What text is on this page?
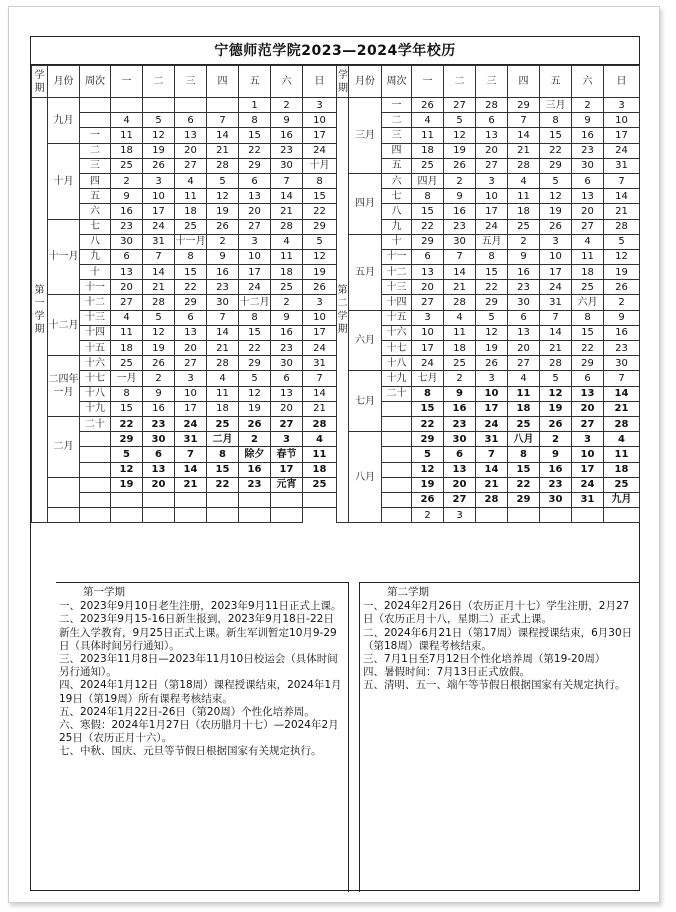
宁德师范学院2023—2024学年校历
学期	月份	周次	一	二	三	四	五	六	日
第一学期	九月						1	2	3
			4	5	6	7	8	9	10
		一	11	12	13	14	15	16	17
	十月	二	18	19	20	21	22	23	24
		三	25	26	27	28	29	30	十月
		四	2	3	4	5	6	7	8
		五	9	10	11	12	13	14	15
		六	16	17	18	19	20	21	22
	十一月	七	23	24	25	26	27	28	29
		八	30	31	十一月	2	3	4	5
		九	6	7	8	9	10	11	12
		十	13	14	15	16	17	18	19
		十一	20	21	22	23	24	25	26
	十二月	十二	27	28	29	30	十二月	2	3
		十三	4	5	6	7	8	9	10
		十四	11	12	13	14	15	16	17
		十五	18	19	20	21	22	23	24
	二四年一月	十六	25	26	27	28	29	30	31
		十七	一月	2	3	4	5	6	7
		十八	8	9	10	11	12	13	14
		十九	15	16	17	18	19	20	21
	二月	二十	22	23	24	25	26	27	28
			29	30	31	二月	2	3	4
			5	6	7	8	除夕	春节	11
			12	13	14	15	16	17	18
			19	20	21	22	23	元宵	25

学期	月份	周次	一	二	三	四	五	六	日
第二学期	三月	一	26	27	28	29	三月	2	3
		二	4	5	6	7	8	9	10
		三	11	12	13	14	15	16	17
		四	18	19	20	21	22	23	24
		五	25	26	27	28	29	30	31
	四月	六	四月	2	3	4	5	6	7
		七	8	9	10	11	12	13	14
		八	15	16	17	18	19	20	21
		九	22	23	24	25	26	27	28
	五月	十	29	30	五月	2	3	4	5
		十一	6	7	8	9	10	11	12
		十二	13	14	15	16	17	18	19
		十三	20	21	22	23	24	25	26
		十四	27	28	29	30	31	六月	2
	六月	十五	3	4	5	6	7	8	9
		十六	10	11	12	13	14	15	16
		十七	17	18	19	20	21	22	23
		十八	24	25	26	27	28	29	30
	七月	十九	七月	2	3	4	5	6	7
		二十	8	9	10	11	12	13	14
			15	16	17	18	19	20	21
			22	23	24	25	26	27	28
	八月		29	30	31	八月	2	3	4
			5	6	7	8	9	10	11
			12	13	14	15	16	17	18
			19	20	21	22	23	24	25
			26	27	28	29	30	31	九月
			2	3					
第一学期

一、2023年9月10日老生注册，2023年9月11日正式上课。

二、2023年9月15-16日新生报到，2023年9月18日-22日新生入学教育，9月25日正式上课。新生军训暂定10月9-29日（具体时间另行通知）。

三、2023年11月8日—2023年11月10日校运会（具体时间另行通知）。

四、2024年1月12日（第18周）课程授课结束，2024年1月19日（第19周）所有课程考核结束。

五、2024年1月22日-26日（第20周）个性化培养周。

六、寒假：2024年1月27日（农历腊月十七）—2024年2月25日（农历正月十六）。

七、中秋、国庆、元旦等节假日根据国家有关规定执行。

第二学期

一、2024年2月26日（农历正月十七）学生注册，2月27日（农历正月十八，星期二）正式上课。

二、2024年6月21日（第17周）课程授课结束，6月30日（第18周）课程考核结束。

三、7月1日至7月12日个性化培养周（第19-20周）

四、暑假时间：7月13日正式放假。

五、清明、五一、端午等节假日根据国家有关规定执行。
